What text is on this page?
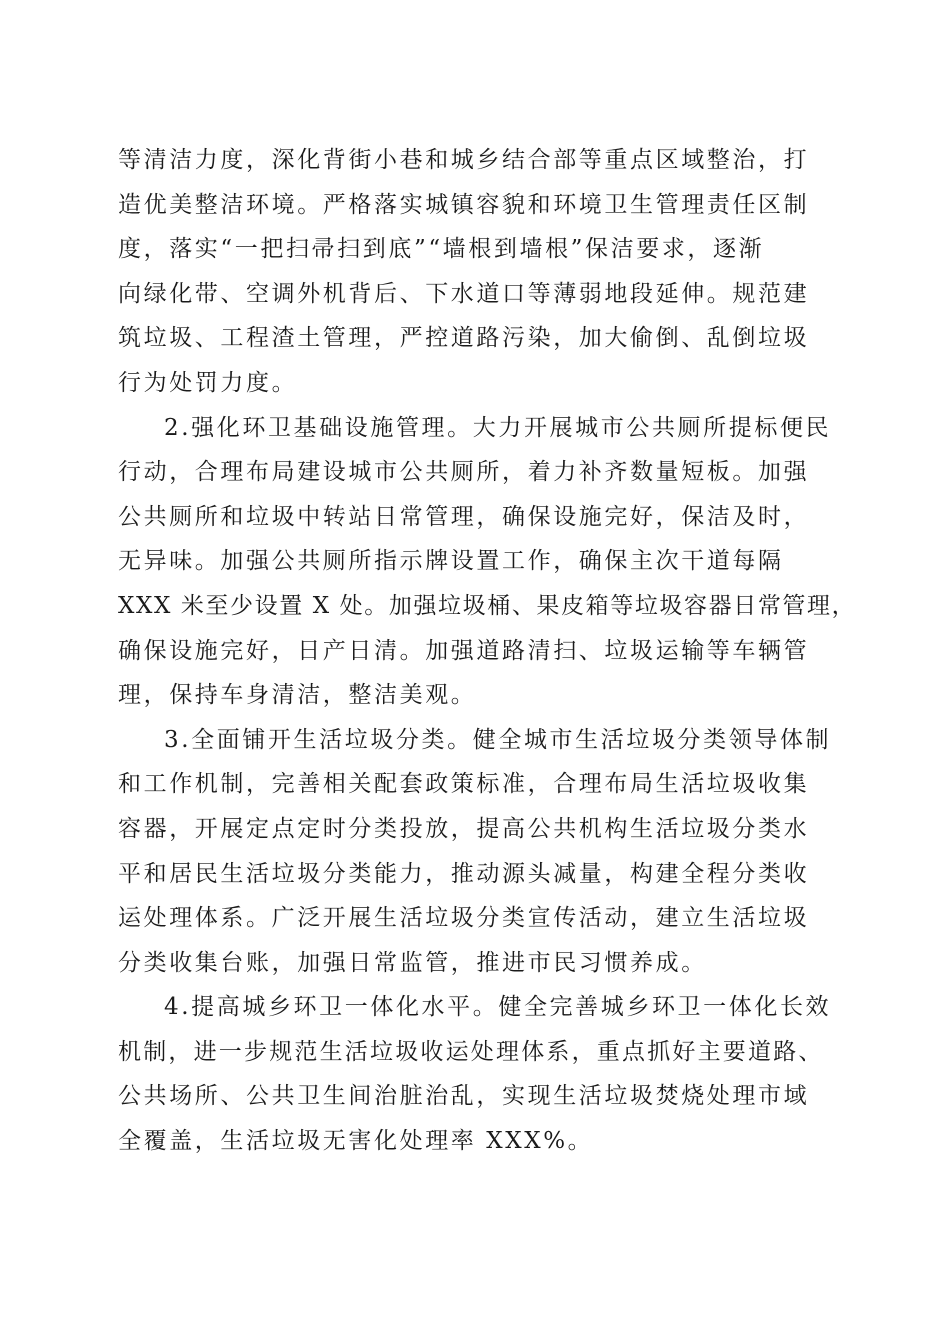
等清洁力度，深化背街小巷和城乡结合部等重点区域整治，打
造优美整洁环境。严格落实城镇容貌和环境卫生管理责任区制
度，落实“一把扫帚扫到底”“墙根到墙根”保洁要求，逐渐
向绿化带、空调外机背后、下水道口等薄弱地段延伸。规范建
筑垃圾、工程渣土管理，严控道路污染，加大偷倒、乱倒垃圾
行为处罚力度。
2.强化环卫基础设施管理。大力开展城市公共厕所提标便民
行动，合理布局建设城市公共厕所，着力补齐数量短板。加强
公共厕所和垃圾中转站日常管理，确保设施完好，保洁及时，
无异味。加强公共厕所指示牌设置工作，确保主次干道每隔
XXX 米至少设置 X 处。加强垃圾桶、果皮箱等垃圾容器日常管理，
确保设施完好，日产日清。加强道路清扫、垃圾运输等车辆管
理，保持车身清洁，整洁美观。
3.全面铺开生活垃圾分类。健全城市生活垃圾分类领导体制
和工作机制，完善相关配套政策标准，合理布局生活垃圾收集
容器，开展定点定时分类投放，提高公共机构生活垃圾分类水
平和居民生活垃圾分类能力，推动源头减量，构建全程分类收
运处理体系。广泛开展生活垃圾分类宣传活动，建立生活垃圾
分类收集台账，加强日常监管，推进市民习惯养成。
4.提高城乡环卫一体化水平。健全完善城乡环卫一体化长效
机制，进一步规范生活垃圾收运处理体系，重点抓好主要道路、
公共场所、公共卫生间治脏治乱，实现生活垃圾焚烧处理市域
全覆盖，生活垃圾无害化处理率 XXX%。
